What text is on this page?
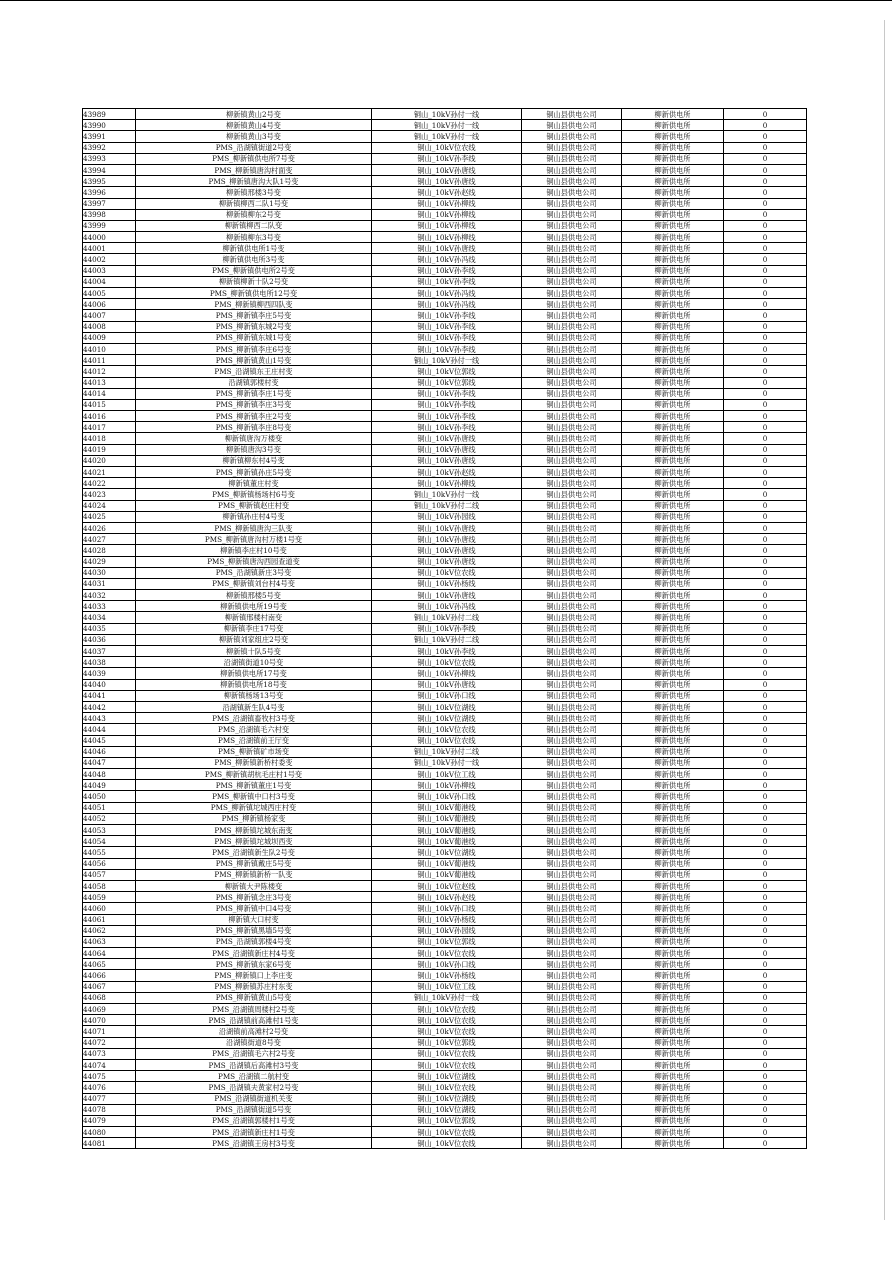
43989	柳新镇黄山2号变	铜山_10kV孙付一线	铜山县供电公司	柳新供电所	0
43990	柳新镇黄山4号变	铜山_10kV孙付一线	铜山县供电公司	柳新供电所	0
43991	柳新镇黄山3号变	铜山_10kV孙付一线	铜山县供电公司	柳新供电所	0
43992	PMS_沿湖镇街道2号变	铜山_10kV位农线	铜山县供电公司	柳新供电所	0
43993	PMS_柳新镇供电所7号变	铜山_10kV孙李线	铜山县供电公司	柳新供电所	0
43994	PMS_柳新镇唐沟村面变	铜山_10kV孙唐线	铜山县供电公司	柳新供电所	0
43995	PMS_柳新镇唐沟大队1号变	铜山_10kV孙唐线	铜山县供电公司	柳新供电所	0
43996	柳新镇邢楼3号变	铜山_10kV孙赵线	铜山县供电公司	柳新供电所	0
43997	柳新镇柳西二队1号变	铜山_10kV孙柳线	铜山县供电公司	柳新供电所	0
43998	柳新镇柳东2号变	铜山_10kV孙柳线	铜山县供电公司	柳新供电所	0
43999	柳新镇柳西二队变	铜山_10kV孙柳线	铜山县供电公司	柳新供电所	0
44000	柳新镇柳东3号变	铜山_10kV孙柳线	铜山县供电公司	柳新供电所	0
44001	柳新镇供电所1号变	铜山_10kV孙唐线	铜山县供电公司	柳新供电所	0
44002	柳新镇供电所3号变	铜山_10kV孙冯线	铜山县供电公司	柳新供电所	0
44003	PMS_柳新镇供电所2号变	铜山_10kV孙李线	铜山县供电公司	柳新供电所	0
44004	柳新镇柳新十队2号变	铜山_10kV孙李线	铜山县供电公司	柳新供电所	0
44005	PMS_柳新镇供电所12号变	铜山_10kV孙冯线	铜山县供电公司	柳新供电所	0
44006	PMS_柳新镇柳西四队变	铜山_10kV孙冯线	铜山县供电公司	柳新供电所	0
44007	PMS_柳新镇李庄5号变	铜山_10kV孙李线	铜山县供电公司	柳新供电所	0
44008	PMS_柳新镇东城2号变	铜山_10kV孙李线	铜山县供电公司	柳新供电所	0
44009	PMS_柳新镇东城1号变	铜山_10kV孙李线	铜山县供电公司	柳新供电所	0
44010	PMS_柳新镇李庄6号变	铜山_10kV孙李线	铜山县供电公司	柳新供电所	0
44011	PMS_柳新镇黄山1号变	铜山_10kV孙付一线	铜山县供电公司	柳新供电所	0
44012	PMS_沿湖镇东王庄村变	铜山_10kV位郭线	铜山县供电公司	柳新供电所	0
44013	沿湖镇郭楼村变	铜山_10kV位郭线	铜山县供电公司	柳新供电所	0
44014	PMS_柳新镇李庄1号变	铜山_10kV孙李线	铜山县供电公司	柳新供电所	0
44015	PMS_柳新镇李庄3号变	铜山_10kV孙李线	铜山县供电公司	柳新供电所	0
44016	PMS_柳新镇李庄2号变	铜山_10kV孙李线	铜山县供电公司	柳新供电所	0
44017	PMS_柳新镇李庄8号变	铜山_10kV孙李线	铜山县供电公司	柳新供电所	0
44018	柳新镇唐沟万楼变	铜山_10kV孙唐线	铜山县供电公司	柳新供电所	0
44019	柳新镇唐沟3号变	铜山_10kV孙唐线	铜山县供电公司	柳新供电所	0
44020	柳新镇柳东村4号变	铜山_10kV孙唐线	铜山县供电公司	柳新供电所	0
44021	PMS_柳新镇孙庄5号变	铜山_10kV孙赵线	铜山县供电公司	柳新供电所	0
44022	柳新镇董庄村变	铜山_10kV孙柳线	铜山县供电公司	柳新供电所	0
44023	PMS_柳新镇杨场村6号变	铜山_10kV孙付一线	铜山县供电公司	柳新供电所	0
44024	PMS_柳新镇赵庄村变	铜山_10kV孙付二线	铜山县供电公司	柳新供电所	0
44025	柳新镇孙庄村4号变	铜山_10kV孙园线	铜山县供电公司	柳新供电所	0
44026	PMS_柳新镇唐沟三队变	铜山_10kV孙唐线	铜山县供电公司	柳新供电所	0
44027	PMS_柳新镇唐沟村万楼1号变	铜山_10kV孙唐线	铜山县供电公司	柳新供电所	0
44028	柳新镇李庄村10号变	铜山_10kV孙唐线	铜山县供电公司	柳新供电所	0
44029	PMS_柳新镇唐沟西园查道变	铜山_10kV孙唐线	铜山县供电公司	柳新供电所	0
44030	PMS_沿湖镇新庄3号变	铜山_10kV位农线	铜山县供电公司	柳新供电所	0
44031	PMS_柳新镇刘台村4号变	铜山_10kV孙杨线	铜山县供电公司	柳新供电所	0
44032	柳新镇邢楼5号变	铜山_10kV孙唐线	铜山县供电公司	柳新供电所	0
44033	柳新镇供电所19号变	铜山_10kV孙冯线	铜山县供电公司	柳新供电所	0
44034	柳新镇邢楼村南变	铜山_10kV孙付二线	铜山县供电公司	柳新供电所	0
44035	柳新镇李庄17号变	铜山_10kV孙李线	铜山县供电公司	柳新供电所	0
44036	柳新镇刘家组庄2号变	铜山_10kV孙付二线	铜山县供电公司	柳新供电所	0
44037	柳新镇十队5号变	铜山_10kV孙李线	铜山县供电公司	柳新供电所	0
44038	沿湖镇街道10号变	铜山_10kV位农线	铜山县供电公司	柳新供电所	0
44039	柳新镇供电所17号变	铜山_10kV孙柳线	铜山县供电公司	柳新供电所	0
44040	柳新镇供电所18号变	铜山_10kV孙唐线	铜山县供电公司	柳新供电所	0
44041	柳新镇杨场13号变	铜山_10kV孙口线	铜山县供电公司	柳新供电所	0
44042	沿湖镇新生队4号变	铜山_10kV位湖线	铜山县供电公司	柳新供电所	0
44043	PMS_沿湖镇畜牧村3号变	铜山_10kV位湖线	铜山县供电公司	柳新供电所	0
44044	PMS_沿湖镇毛六村变	铜山_10kV位农线	铜山县供电公司	柳新供电所	0
44045	PMS_沿湖镇前王厅变	铜山_10kV位农线	铜山县供电公司	柳新供电所	0
44046	PMS_柳新镇矿市场变	铜山_10kV孙付二线	铜山县供电公司	柳新供电所	0
44047	PMS_柳新镇新桥村委变	铜山_10kV孙付一线	铜山县供电公司	柳新供电所	0
44048	PMS_柳新镇胡杭毛庄村1号变	铜山_10kV位工线	铜山县供电公司	柳新供电所	0
44049	PMS_柳新镇董庄1号变	铜山_10kV孙柳线	铜山县供电公司	柳新供电所	0
44050	PMS_柳新镇中口村3号变	铜山_10kV孙口线	铜山县供电公司	柳新供电所	0
44051	PMS_柳新镇坨城西庄村变	铜山_10kV葡港线	铜山县供电公司	柳新供电所	0
44052	PMS_柳新镇杨家变	铜山_10kV葡港线	铜山县供电公司	柳新供电所	0
44053	PMS_柳新镇坨城东南变	铜山_10kV葡港线	铜山县供电公司	柳新供电所	0
44054	PMS_柳新镇坨城坝西变	铜山_10kV葡港线	铜山县供电公司	柳新供电所	0
44055	PMS_沿湖镇新生队2号变	铜山_10kV位湖线	铜山县供电公司	柳新供电所	0
44056	PMS_柳新镇戴庄5号变	铜山_10kV葡港线	铜山县供电公司	柳新供电所	0
44057	PMS_柳新镇新桥一队变	铜山_10kV葡港线	铜山县供电公司	柳新供电所	0
44058	柳新镇大尹陈楼变	铜山_10kV位赵线	铜山县供电公司	柳新供电所	0
44059	PMS_柳新镇念庄3号变	铜山_10kV孙赵线	铜山县供电公司	柳新供电所	0
44060	PMS_柳新镇中口4号变	铜山_10kV孙口线	铜山县供电公司	柳新供电所	0
44061	柳新镇大口村变	铜山_10kV孙杨线	铜山县供电公司	柳新供电所	0
44062	PMS_柳新镇黑墙5号变	铜山_10kV孙园线	铜山县供电公司	柳新供电所	0
44063	PMS_沿湖镇郭楼4号变	铜山_10kV位郭线	铜山县供电公司	柳新供电所	0
44064	PMS_沿湖镇新庄村4号变	铜山_10kV位农线	铜山县供电公司	柳新供电所	0
44065	PMS_柳新镇东家6号变	铜山_10kV孙口线	铜山县供电公司	柳新供电所	0
44066	PMS_柳新镇口上李庄变	铜山_10kV孙杨线	铜山县供电公司	柳新供电所	0
44067	PMS_柳新镇苏庄村东变	铜山_10kV位工线	铜山县供电公司	柳新供电所	0
44068	PMS_柳新镇黄山5号变	铜山_10kV孙付一线	铜山县供电公司	柳新供电所	0
44069	PMS_沿湖镇周楼村2号变	铜山_10kV位农线	铜山县供电公司	柳新供电所	0
44070	PMS_沿湖镇前高滩村1号变	铜山_10kV位农线	铜山县供电公司	柳新供电所	0
44071	沿湖镇前高滩村2号变	铜山_10kV位农线	铜山县供电公司	柳新供电所	0
44072	沿湖镇街道8号变	铜山_10kV位郭线	铜山县供电公司	柳新供电所	0
44073	PMS_沿湖镇毛六村2号变	铜山_10kV位农线	铜山县供电公司	柳新供电所	0
44074	PMS_沿湖镇后高滩村3号变	铜山_10kV位农线	铜山县供电公司	柳新供电所	0
44075	PMS_沿湖镇二航村变	铜山_10kV位湖线	铜山县供电公司	柳新供电所	0
44076	PMS_沿湖镇夫黄家村2号变	铜山_10kV位农线	铜山县供电公司	柳新供电所	0
44077	PMS_沿湖镇街道机关变	铜山_10kV位湖线	铜山县供电公司	柳新供电所	0
44078	PMS_沿湖镇街道5号变	铜山_10kV位湖线	铜山县供电公司	柳新供电所	0
44079	PMS_沿湖镇郭楼村1号变	铜山_10kV位郭线	铜山县供电公司	柳新供电所	0
44080	PMS_沿湖镇新庄村1号变	铜山_10kV位农线	铜山县供电公司	柳新供电所	0
44081	PMS_沿湖镇王房村3号变	铜山_10kV位农线	铜山县供电公司	柳新供电所	0
